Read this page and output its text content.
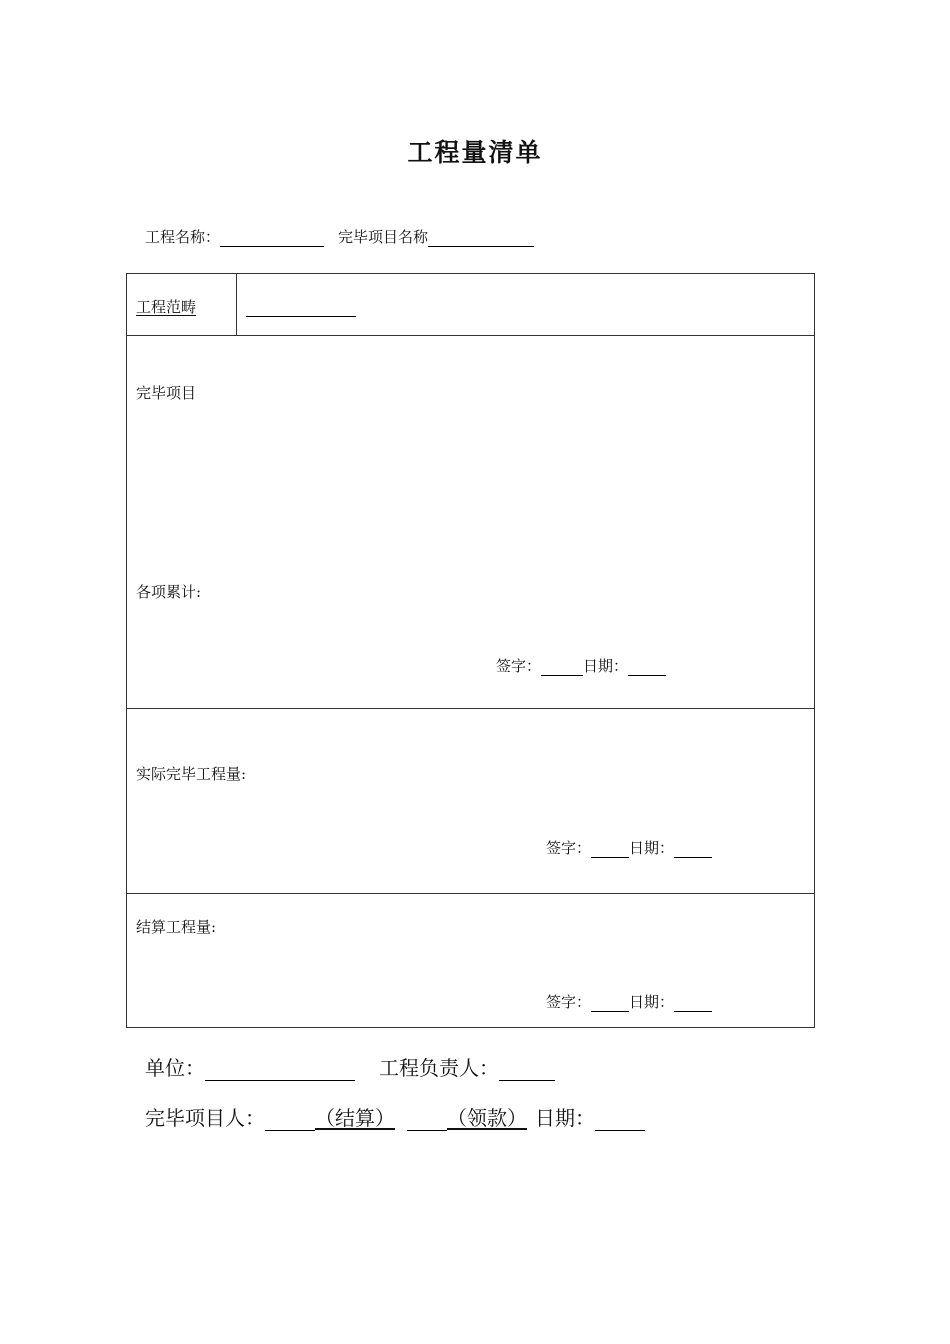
工程量清单
工程名称：	完毕项目名称
工程范畴
完毕项目
各项累计:
签字：	日期：
实际完毕工程量:
签字：	日期：
结算工程量:
签字：	日期：
单位：	工程负责人：
完毕项目人：	（结算）	（领款） 日期：
